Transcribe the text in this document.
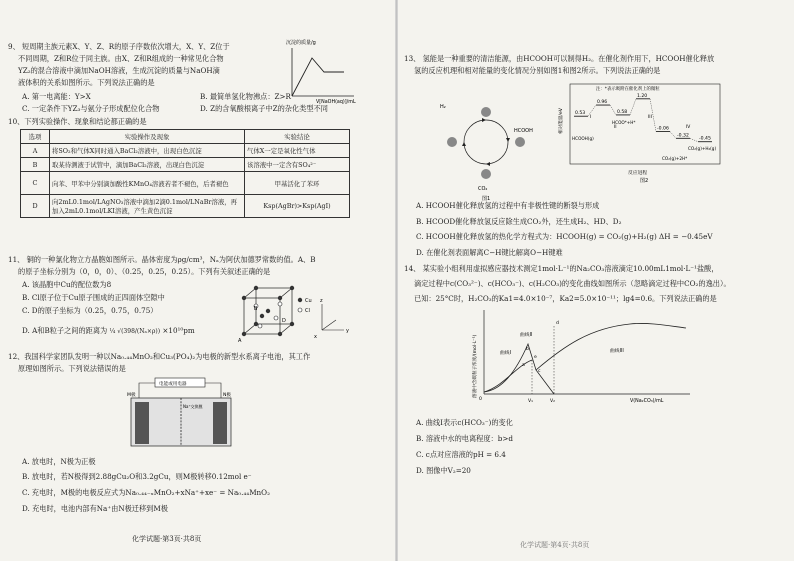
9、 短周期主族元素X、Y、Z、R的原子序数依次增大，X、Y、Z位于
不同周期，Z和R位于同主族。由X、Z和R组成的一种常见化合物
YZ₂的混合溶液中滴加NaOH溶液，生成沉淀的质量与NaOH滴
液体积的关系如图所示。下列说法正确的是
沉淀的质量/g
V[NaOH(aq)]/mL
A. 第一电离能：Y>X	B. 最简单氢化物沸点：Z>R
C. 一定条件下YZ₃与氨分子形成配位化合物	D. Z的含氧酸根离子中Z的杂化类型不同
10、下列实验操作、现象和结论都正确的是
选项	实验操作及现象	实验结论
A	将SO₂和气体X同时通入BaCl₂溶液中，出现白色沉淀	气体X一定是氧化性气体
B	取某待测液于试管中，滴加BaCl₂溶液，出现白色沉淀	该溶液中一定含有SO₄²⁻
C	向苯、甲苯中分别滴加酸性KMnO₄溶液若者不褪色，后者褪色	甲基活化了苯环
D	向2mL0.1mol/LAgNO₃溶液中滴加2滴0.1mol/LNaBr溶液，再加入2mL0.1mol/LKI溶液，产生黄色沉淀	Ksp(AgBr)>Ksp(AgI)
11、 铜的一种氯化物立方晶胞如图所示。晶体密度为ρg/cm³，Nₐ为阿伏加德罗常数的值。A、B
的原子坐标分别为（0，0，0）、（0.25，0.25，0.25）。下列有关叙述正确的是
A. 该晶胞中Cu的配位数为8
B. Cl原子位于Cu原子围成的正四面体空隙中
C. D的原子坐标为（0.25，0.75，0.75）
D. A和B粒子之间的距离为 ¼ √(398/(Nₐ×ρ)) ×10¹⁰pm
A
B
D
Cu
Cl
z
y
x
12、我国科学家团队发明一种以Na₀.₄₄MnO₂和Cu₃(PO₄)₂为电极的新型水系离子电池，其工作
原理如图所示。下列说法错误的是
电能或用电器
M极	N极
Na⁺交换膜
A. 放电时，N极为正极
B. 放电时，若N极得到2.88gCu₂O和3.2gCu，则M极转移0.12mol e⁻
C. 充电时，M极的电极反应式为Na₀.₄₄₋ₓMnO₂+xNa⁺+xe⁻ = Na₀.₄₄MnO₂
D. 充电时，电池内部有Na⁺由N极迁移到M极
化学试题·第3页·共8页
13、 氢能是一种重要的清洁能源，由HCOOH可以制得H₂。在催化剂作用下，HCOOH催化释放
氢的反应机理和相对能量的变化情况分别如图1和图2所示。下列说法正确的是
HCOOH
H₂
CO₂
图1
注：*表示吸附在催化剂上的微粒
相对能量/eV
反应进程
图2
0.53
0.96
0.58
1.20
-0.06
-0.32
-0.45
I
II
III
IV
HCOOH(g)
HCOO*+H*
CO₂(g)+2H*
CO₂(g)+H₂(g)
A. HCOOH催化释放氢的过程中有非极性键的断裂与形成
B. HCOOD催化释放氢反应除生成CO₂外，还生成H₂、HD、D₂
C. HCOOH催化释放氢的热化学方程式为：HCOOH(g) = CO₂(g)+H₂(g) ΔH = −0.45eV
D. 在催化剂表面解离C−H键比解离O−H键难
14、 某实验小组利用虚拟感应器技术测定1mol·L⁻¹的Na₂CO₃溶液滴定10.00mL1mol·L⁻¹盐酸，
滴定过程中c(CO₃²⁻)、c(HCO₃⁻)、c(H₂CO₃)的变化曲线如图所示（忽略滴定过程中CO₂的逸出）。
已知：25°C时，H₂CO₃的Ka1=4.0×10⁻⁷，Ka2=5.0×10⁻¹¹；lg4=0.6。下列说法正确的是
溶液中含碳粒子浓度/(mol·L⁻¹)
0
曲线I
曲线II
曲线III
a
b
c
d
e
V₁	V₂	V(Na₂CO₃)/mL
A. 曲线I表示c(HCO₃⁻)的变化
B. 溶液中水的电离程度：b>d
C. c点对应溶液的pH = 6.4
D. 图像中V₂=20
化学试题·第4页·共8页
